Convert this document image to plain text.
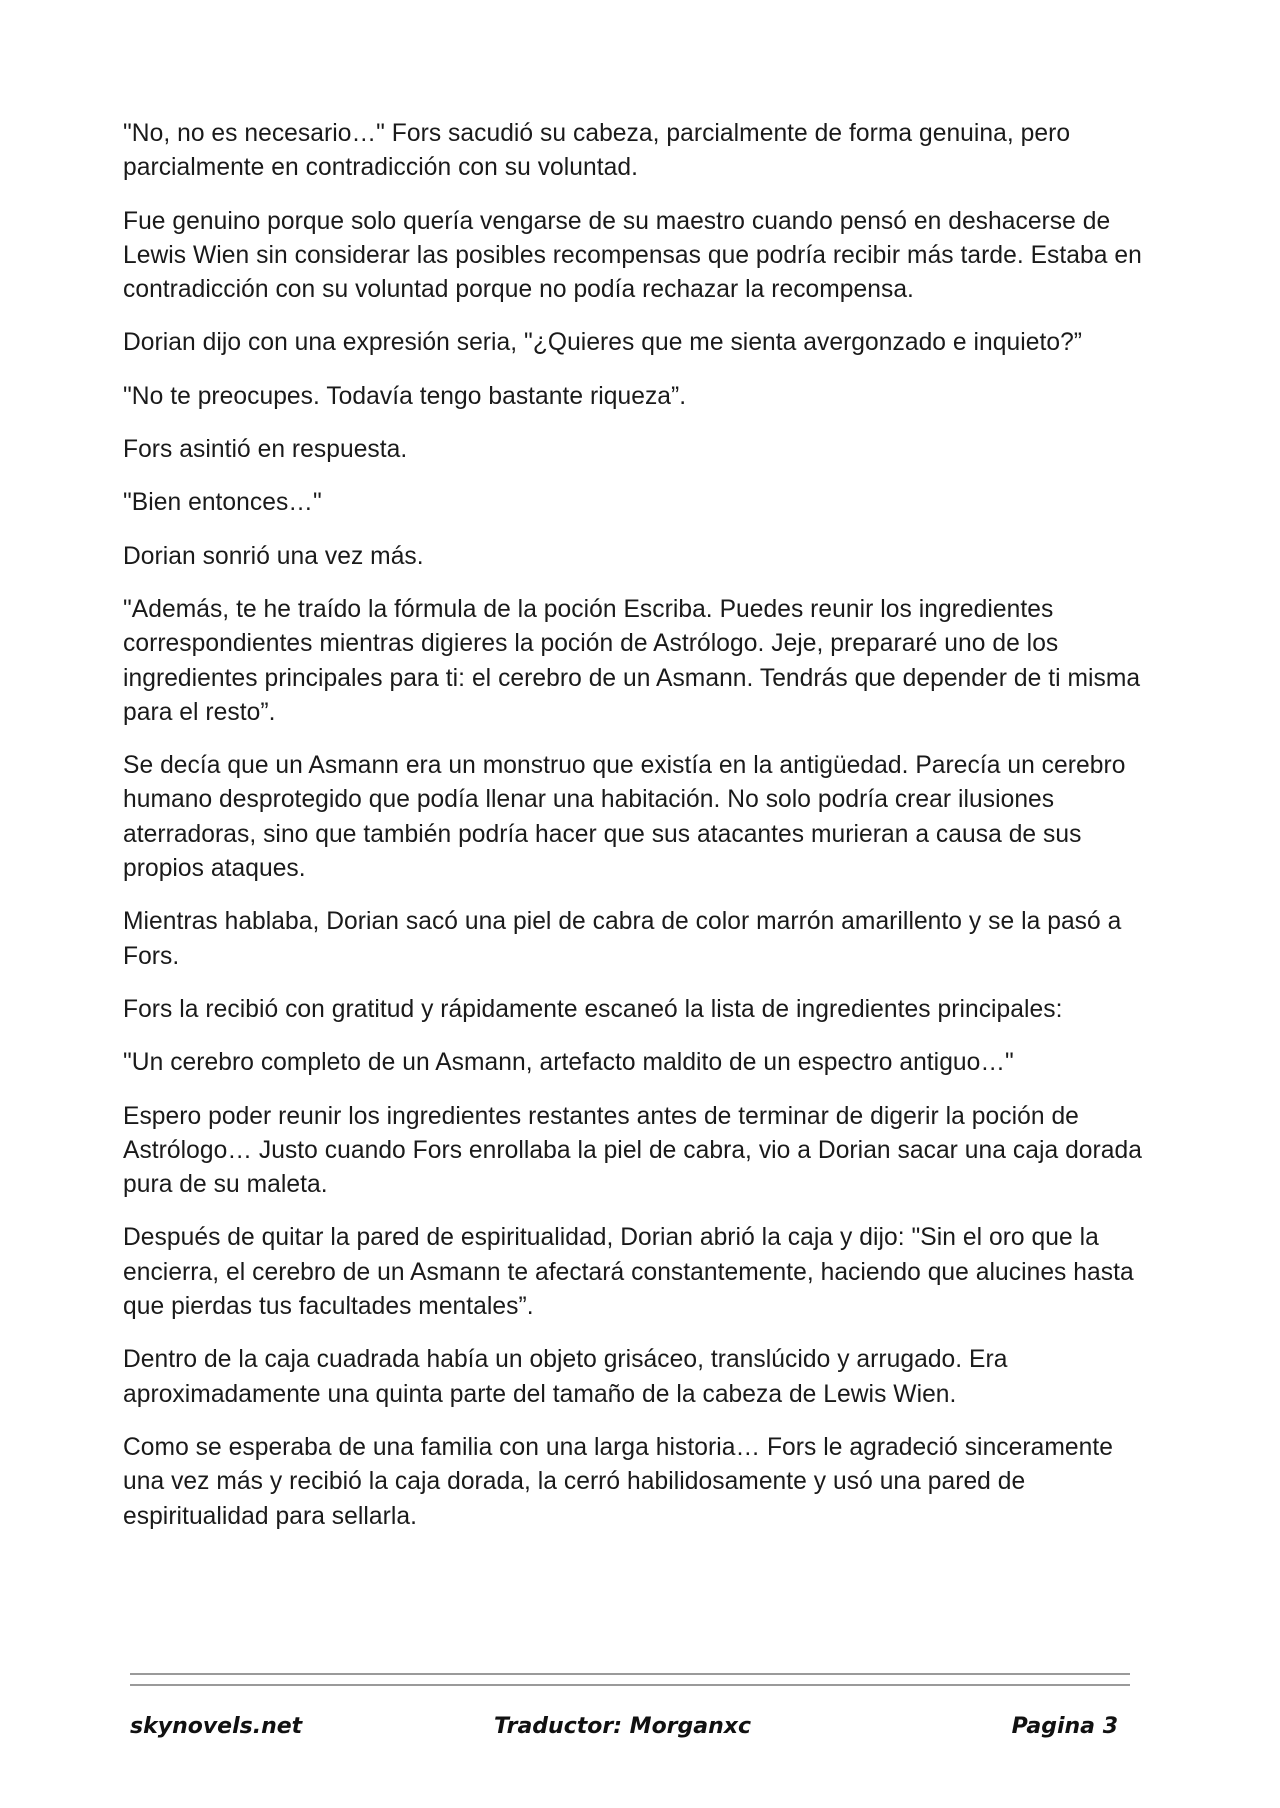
"No, no es necesario…" Fors sacudió su cabeza, parcialmente de forma genuina, pero parcialmente en contradicción con su voluntad.

Fue genuino porque solo quería vengarse de su maestro cuando pensó en deshacerse de Lewis Wien sin considerar las posibles recompensas que podría recibir más tarde. Estaba en contradicción con su voluntad porque no podía rechazar la recompensa.

Dorian dijo con una expresión seria, "¿Quieres que me sienta avergonzado e inquieto?”

"No te preocupes. Todavía tengo bastante riqueza”.

Fors asintió en respuesta.

"Bien entonces…"

Dorian sonrió una vez más.

"Además, te he traído la fórmula de la poción Escriba. Puedes reunir los ingredientes correspondientes mientras digieres la poción de Astrólogo. Jeje, prepararé uno de los ingredientes principales para ti: el cerebro de un Asmann. Tendrás que depender de ti misma para el resto”.

Se decía que un Asmann era un monstruo que existía en la antigüedad. Parecía un cerebro humano desprotegido que podía llenar una habitación. No solo podría crear ilusiones aterradoras, sino que también podría hacer que sus atacantes murieran a causa de sus propios ataques.

Mientras hablaba, Dorian sacó una piel de cabra de color marrón amarillento y se la pasó a Fors.

Fors la recibió con gratitud y rápidamente escaneó la lista de ingredientes principales:

"Un cerebro completo de un Asmann, artefacto maldito de un espectro antiguo…"

Espero poder reunir los ingredientes restantes antes de terminar de digerir la poción de Astrólogo… Justo cuando Fors enrollaba la piel de cabra, vio a Dorian sacar una caja dorada pura de su maleta.

Después de quitar la pared de espiritualidad, Dorian abrió la caja y dijo: "Sin el oro que la encierra, el cerebro de un Asmann te afectará constantemente, haciendo que alucines hasta que pierdas tus facultades mentales”.

Dentro de la caja cuadrada había un objeto grisáceo, translúcido y arrugado. Era aproximadamente una quinta parte del tamaño de la cabeza de Lewis Wien.

Como se esperaba de una familia con una larga historia… Fors le agradeció sinceramente una vez más y recibió la caja dorada, la cerró habilidosamente y usó una pared de espiritualidad para sellarla.

skynovels.net	Traductor: Morganxc	Pagina 3
